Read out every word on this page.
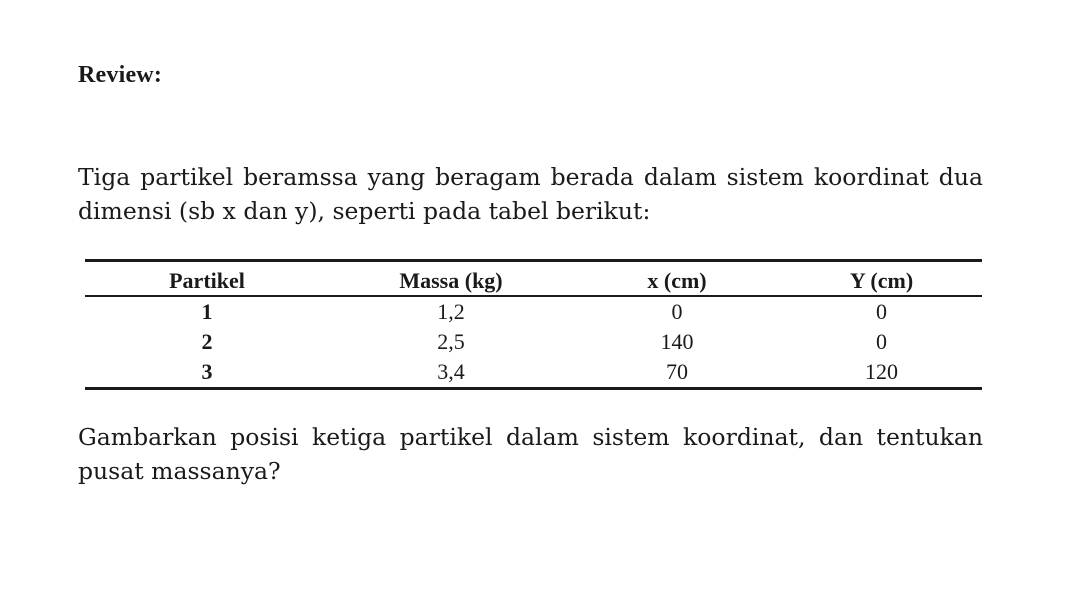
Review:
Tiga partikel beramssa yang beragam berada dalam sistem koordinat dua
dimensi (sb x dan y), seperti pada tabel berikut:
Partikel	Massa (kg)	x (cm)	Y (cm)
1	1,2	0	0
2	2,5	140	0
3	3,4	70	120
Gambarkan posisi ketiga partikel dalam sistem koordinat, dan tentukan
pusat massanya?
